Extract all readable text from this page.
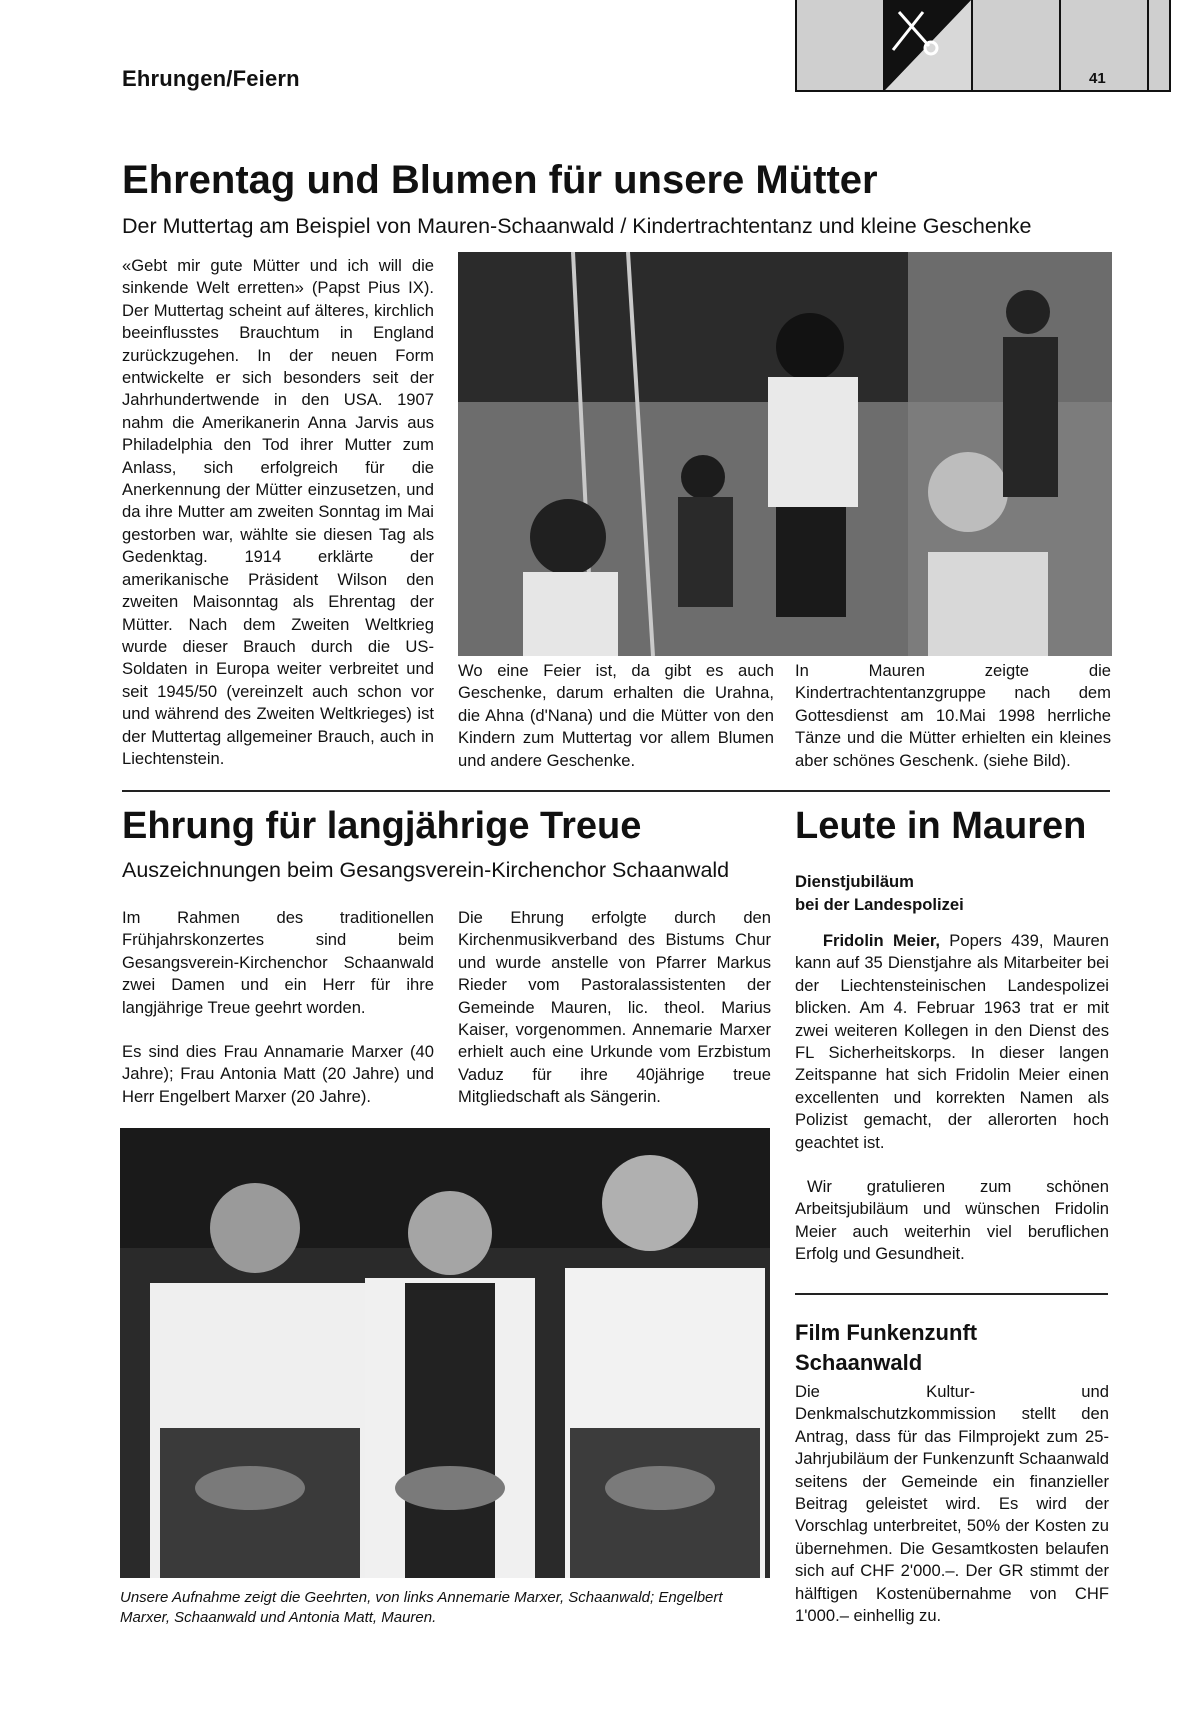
Ehrungen/Feiern	41
Ehrentag und Blumen für unsere Mütter
Der Muttertag am Beispiel von Mauren-Schaanwald / Kindertrachtentanz und kleine Geschenke

«Gebt mir gute Mütter und ich will die sinkende Welt erretten» (Papst Pius IX). Der Muttertag scheint auf älteres, kirchlich beeinflusstes Brauchtum in England zurückzugehen. In der neuen Form entwickelte er sich besonders seit der Jahrhundertwende in den USA. 1907 nahm die Amerikanerin Anna Jarvis aus Philadelphia den Tod ihrer Mutter zum Anlass, sich erfolgreich für die Anerkennung der Mütter einzusetzen, und da ihre Mutter am zweiten Sonntag im Mai gestorben war, wählte sie diesen Tag als Gedenktag. 1914 erklärte der amerikanische Präsident Wilson den zweiten Maisonntag als Ehrentag der Mütter. Nach dem Zweiten Weltkrieg wurde dieser Brauch durch die US-Soldaten in Europa weiter verbreitet und seit 1945/50 (vereinzelt auch schon vor und während des Zweiten Weltkrieges) ist der Muttertag allgemeiner Brauch, auch in Liechtenstein.

Wo eine Feier ist, da gibt es auch Geschenke, darum erhalten die Urahna, die Ahna (d'Nana) und die Mütter von den Kindern zum Muttertag vor allem Blumen und andere Geschenke.
In Mauren zeigte die Kindertrachtentanzgruppe nach dem Gottesdienst am 10.Mai 1998 herrliche Tänze und die Mütter erhielten ein kleines aber schönes Geschenk. (siehe Bild).
Ehrung für langjährige Treue
Auszeichnungen beim Gesangsverein-Kirchenchor Schaanwald

Im Rahmen des traditionellen Frühjahrskonzertes sind beim Gesangsverein-Kirchenchor Schaanwald zwei Damen und ein Herr für ihre langjährige Treue geehrt worden.

Es sind dies Frau Annamarie Marxer (40 Jahre); Frau Antonia Matt (20 Jahre) und Herr Engelbert Marxer (20 Jahre).

Die Ehrung erfolgte durch den Kirchenmusikverband des Bistums Chur und wurde anstelle von Pfarrer Markus Rieder vom Pastoralassistenten der Gemeinde Mauren, lic. theol. Marius Kaiser, vorgenommen. Annemarie Marxer erhielt auch eine Urkunde vom Erzbistum Vaduz für ihre 40jährige treue Mitgliedschaft als Sängerin.

Unsere Aufnahme zeigt die Geehrten, von links Annemarie Marxer, Schaanwald; Engelbert Marxer, Schaanwald und Antonia Matt, Mauren.
Leute in Mauren
Dienstjubiläum
bei der Landespolizei

Fridolin Meier, Popers 439, Mauren kann auf 35 Dienstjahre als Mitarbeiter bei der Liechtensteinischen Landespolizei blicken. Am 4. Februar 1963 trat er mit zwei weiteren Kollegen in den Dienst des FL Sicherheitskorps. In dieser langen Zeitspanne hat sich Fridolin Meier einen excellenten und korrekten Namen als Polizist gemacht, der allerorten hoch geachtet ist.

Wir gratulieren zum schönen Arbeitsjubiläum und wünschen Fridolin Meier auch weiterhin viel beruflichen Erfolg und Gesundheit.

Film Funkenzunft
Schaanwald

Die Kultur- und Denkmalschutzkommission stellt den Antrag, dass für das Filmprojekt zum 25-Jahrjubiläum der Funkenzunft Schaanwald seitens der Gemeinde ein finanzieller Beitrag geleistet wird. Es wird der Vorschlag unterbreitet, 50% der Kosten zu übernehmen. Die Gesamtkosten belaufen sich auf CHF 2'000.–. Der GR stimmt der hälftigen Kostenübernahme von CHF 1'000.– einhellig zu.
